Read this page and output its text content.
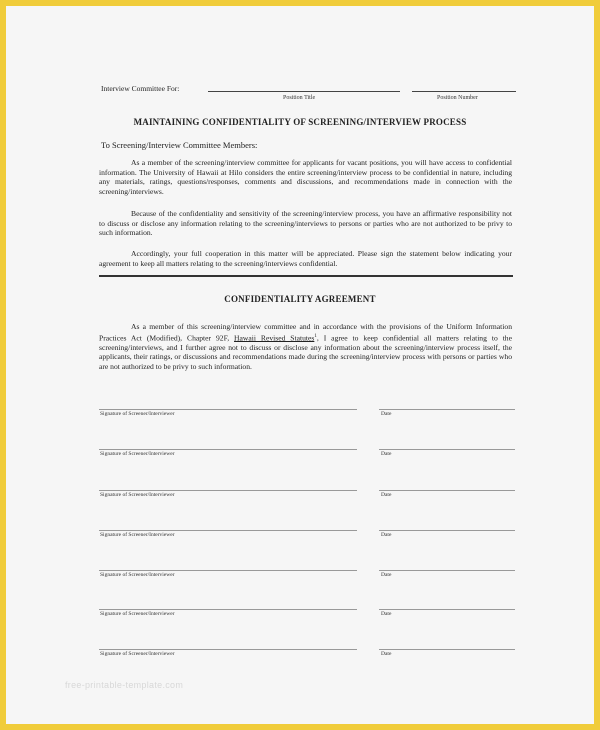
Interview Committee For:
Position Title	Position Number
MAINTAINING CONFIDENTIALITY OF SCREENING/INTERVIEW PROCESS
To Screening/Interview Committee Members:
As a member of the screening/interview committee for applicants for vacant positions, you will have access to confidential information. The University of Hawaii at Hilo considers the entire screening/interview process to be confidential in nature, including any materials, ratings, questions/responses, comments and discussions, and recommendations made in connection with the screening/interviews.
Because of the confidentiality and sensitivity of the screening/interview process, you have an affirmative responsibility not to discuss or disclose any information relating to the screening/interviews to persons or parties who are not authorized to be privy to such information.
Accordingly, your full cooperation in this matter will be appreciated. Please sign the statement below indicating your agreement to keep all matters relating to the screening/interviews confidential.
CONFIDENTIALITY AGREEMENT
As a member of this screening/interview committee and in accordance with the provisions of the Uniform Information Practices Act (Modified), Chapter 92F, Hawaii Revised Statutes$^1$, I agree to keep confidential all matters relating to the screening/interviews, and I further agree not to discuss or disclose any information about the screening/interview process itself, the applicants, their ratings, or discussions and recommendations made during the screening/interview process with persons or parties who are not authorized to be privy to such information.
Signature of Screener/Interviewer	Date
Signature of Screener/Interviewer	Date
Signature of Screener/Interviewer	Date
Signature of Screener/Interviewer	Date
Signature of Screener/Interviewer	Date
Signature of Screener/Interviewer	Date
Signature of Screener/Interviewer	Date
free-printable-template.com
